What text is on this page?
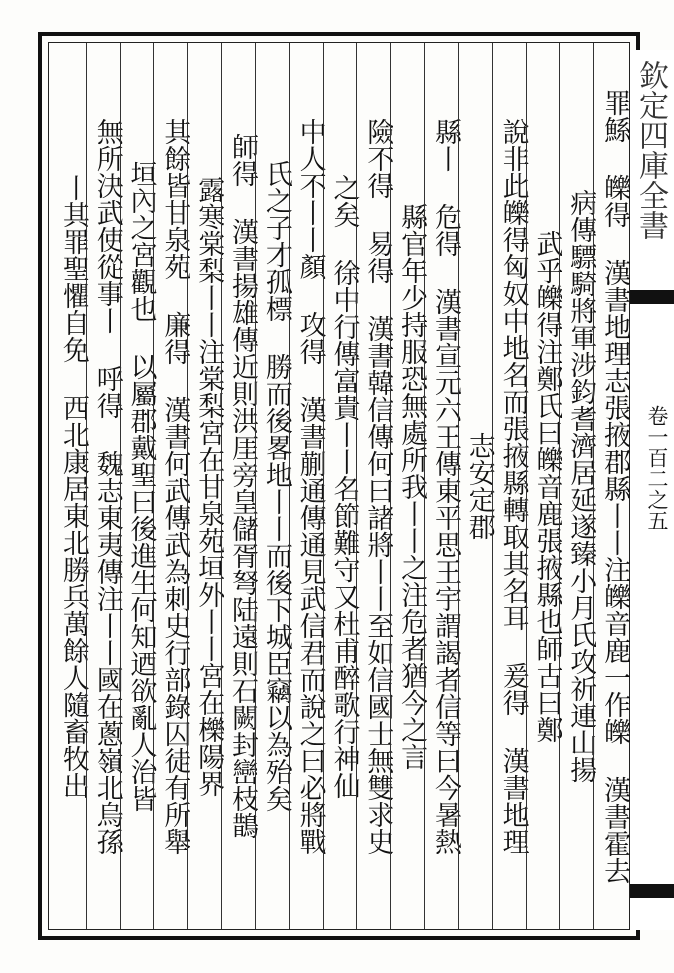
欽定四庫全書
卷一百二之五
罪鯀 皪得 漢書地理志張掖郡縣丨丨注皪音鹿一作皪 漢書霍去
病傳驃騎將軍涉鈞耆濟居延遂臻小月氏攻祈連山揚
武乎皪得注鄭氏曰皪音鹿張掖縣也師古曰鄭
說非此皪得匈奴中地名而張掖縣轉取其名耳 爰得 漢書地理
志安定郡
縣丨 危得 漢書宣元六王傳東平思王宇謂謁者信等曰今暑熱
縣官年少持服恐無處所我丨丨之注危者猶今之言
險不得 易得 漢書韓信傳何曰諸將丨丨至如信國士無雙求史
之矣 徐中行傳富貴丨丨名節難守又杜甫醉歌行神仙
中人不丨丨顏 攻得 漢書蒯通傳通見武信君而說之曰必將戰
氏之子才孤標 勝而後畧地丨丨而後下城臣竊以為殆矣
師得 漢書揚雄傳近則洪厓旁皇儲胥弩陆遠則石闕封巒枝鵲
露寒棠梨丨丨注棠梨宮在甘泉苑垣外丨丨宮在櫟陽界
其餘皆甘泉苑 廉得 漢書何武傳武為刺史行部錄囚徒有所舉
垣內之宮觀也 以屬郡戴聖曰後進生何知迺欲亂人治皆
無所決武使從事丨 呼得 魏志東夷傳注丨丨國在蔥嶺北烏孫
丨其罪聖懼自免 西北康居東北勝兵萬餘人隨畜牧出
